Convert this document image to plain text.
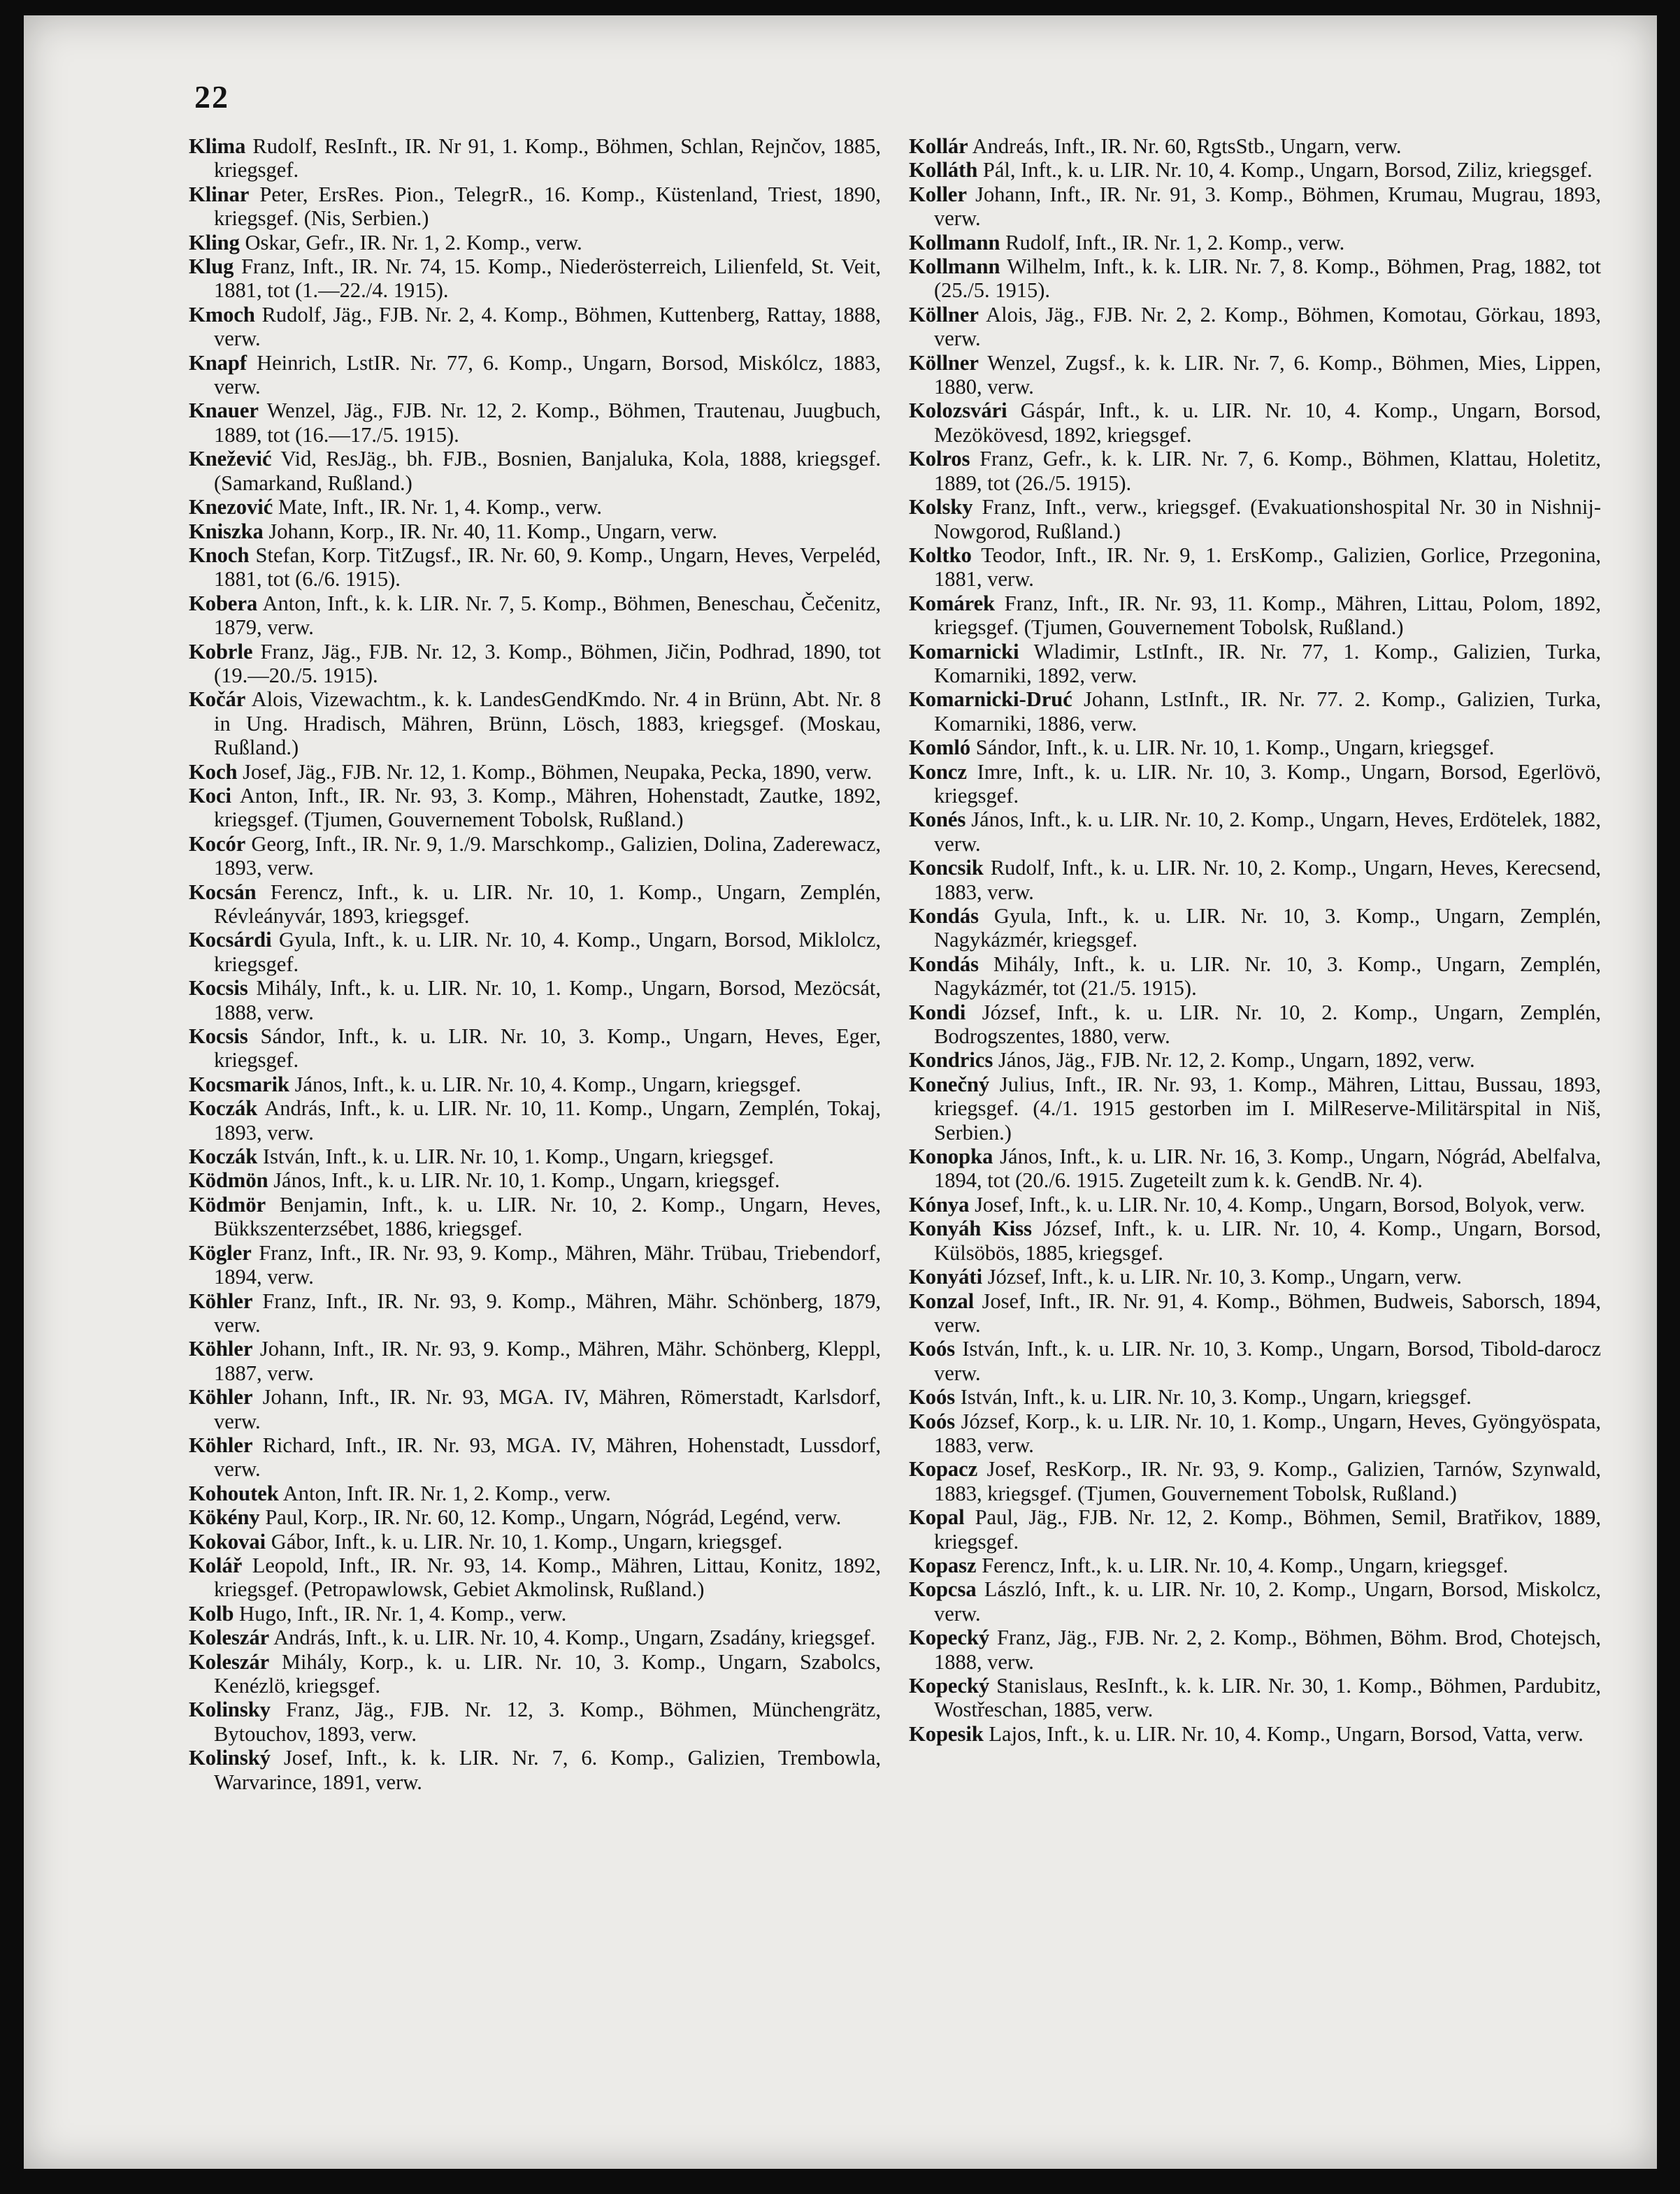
22

Klima Rudolf, ResInft., IR. Nr 91, 1. Komp., Böhmen, Schlan, Rejnčov, 1885, kriegsgef.

Klinar Peter, ErsRes. Pion., TelegrR., 16. Komp., Küstenland, Triest, 1890, kriegsgef. (Nis, Serbien.)

Kling Oskar, Gefr., IR. Nr. 1, 2. Komp., verw.

Klug Franz, Inft., IR. Nr. 74, 15. Komp., Niederösterreich, Lilienfeld, St. Veit, 1881, tot (1.—22./4. 1915).

Kmoch Rudolf, Jäg., FJB. Nr. 2, 4. Komp., Böhmen, Kuttenberg, Rattay, 1888, verw.

Knapf Heinrich, LstIR. Nr. 77, 6. Komp., Ungarn, Borsod, Miskólcz, 1883, verw.

Knauer Wenzel, Jäg., FJB. Nr. 12, 2. Komp., Böhmen, Trautenau, Juugbuch, 1889, tot (16.—17./5. 1915).

Knežević Vid, ResJäg., bh. FJB., Bosnien, Banjaluka, Kola, 1888, kriegsgef. (Samarkand, Rußland.)

Knezović Mate, Inft., IR. Nr. 1, 4. Komp., verw.

Kniszka Johann, Korp., IR. Nr. 40, 11. Komp., Ungarn, verw.

Knoch Stefan, Korp. TitZugsf., IR. Nr. 60, 9. Komp., Ungarn, Heves, Verpeléd, 1881, tot (6./6. 1915).

Kobera Anton, Inft., k. k. LIR. Nr. 7, 5. Komp., Böhmen, Beneschau, Čečenitz, 1879, verw.

Kobrle Franz, Jäg., FJB. Nr. 12, 3. Komp., Böhmen, Jičin, Podhrad, 1890, tot (19.—20./5. 1915).

Kočár Alois, Vizewachtm., k. k. LandesGendKmdo. Nr. 4 in Brünn, Abt. Nr. 8 in Ung. Hradisch, Mähren, Brünn, Lösch, 1883, kriegsgef. (Moskau, Rußland.)

Koch Josef, Jäg., FJB. Nr. 12, 1. Komp., Böhmen, Neupaka, Pecka, 1890, verw.

Koci Anton, Inft., IR. Nr. 93, 3. Komp., Mähren, Hohenstadt, Zautke, 1892, kriegsgef. (Tjumen, Gouvernement Tobolsk, Rußland.)

Kocór Georg, Inft., IR. Nr. 9, 1./9. Marschkomp., Galizien, Dolina, Zaderewacz, 1893, verw.

Kocsán Ferencz, Inft., k. u. LIR. Nr. 10, 1. Komp., Ungarn, Zemplén, Révleányvár, 1893, kriegsgef.

Kocsárdi Gyula, Inft., k. u. LIR. Nr. 10, 4. Komp., Ungarn, Borsod, Miklolcz, kriegsgef.

Kocsis Mihály, Inft., k. u. LIR. Nr. 10, 1. Komp., Ungarn, Borsod, Mezöcsát, 1888, verw.

Kocsis Sándor, Inft., k. u. LIR. Nr. 10, 3. Komp., Ungarn, Heves, Eger, kriegsgef.

Kocsmarik János, Inft., k. u. LIR. Nr. 10, 4. Komp., Ungarn, kriegsgef.

Koczák András, Inft., k. u. LIR. Nr. 10, 11. Komp., Ungarn, Zemplén, Tokaj, 1893, verw.

Koczák István, Inft., k. u. LIR. Nr. 10, 1. Komp., Ungarn, kriegsgef.

Ködmön János, Inft., k. u. LIR. Nr. 10, 1. Komp., Ungarn, kriegsgef.

Ködmör Benjamin, Inft., k. u. LIR. Nr. 10, 2. Komp., Ungarn, Heves, Bükkszenterzsébet, 1886, kriegsgef.

Kögler Franz, Inft., IR. Nr. 93, 9. Komp., Mähren, Mähr. Trübau, Triebendorf, 1894, verw.

Köhler Franz, Inft., IR. Nr. 93, 9. Komp., Mähren, Mähr. Schönberg, 1879, verw.

Köhler Johann, Inft., IR. Nr. 93, 9. Komp., Mähren, Mähr. Schönberg, Kleppl, 1887, verw.

Köhler Johann, Inft., IR. Nr. 93, MGA. IV, Mähren, Römerstadt, Karlsdorf, verw.

Köhler Richard, Inft., IR. Nr. 93, MGA. IV, Mähren, Hohenstadt, Lussdorf, verw.

Kohoutek Anton, Inft. IR. Nr. 1, 2. Komp., verw.

Kökény Paul, Korp., IR. Nr. 60, 12. Komp., Ungarn, Nógrád, Legénd, verw.

Kokovai Gábor, Inft., k. u. LIR. Nr. 10, 1. Komp., Ungarn, kriegsgef.

Kolář Leopold, Inft., IR. Nr. 93, 14. Komp., Mähren, Littau, Konitz, 1892, kriegsgef. (Petropawlowsk, Gebiet Akmolinsk, Rußland.)

Kolb Hugo, Inft., IR. Nr. 1, 4. Komp., verw.

Koleszár András, Inft., k. u. LIR. Nr. 10, 4. Komp., Ungarn, Zsadány, kriegsgef.

Koleszár Mihály, Korp., k. u. LIR. Nr. 10, 3. Komp., Ungarn, Szabolcs, Kenézlö, kriegsgef.

Kolinsky Franz, Jäg., FJB. Nr. 12, 3. Komp., Böhmen, Münchengrätz, Bytouchov, 1893, verw.

Kolinský Josef, Inft., k. k. LIR. Nr. 7, 6. Komp., Galizien, Trembowla, Warvarince, 1891, verw.

Kollár Andreás, Inft., IR. Nr. 60, RgtsStb., Ungarn, verw.

Kolláth Pál, Inft., k. u. LIR. Nr. 10, 4. Komp., Ungarn, Borsod, Ziliz, kriegsgef.

Koller Johann, Inft., IR. Nr. 91, 3. Komp., Böhmen, Krumau, Mugrau, 1893, verw.

Kollmann Rudolf, Inft., IR. Nr. 1, 2. Komp., verw.

Kollmann Wilhelm, Inft., k. k. LIR. Nr. 7, 8. Komp., Böhmen, Prag, 1882, tot (25./5. 1915).

Köllner Alois, Jäg., FJB. Nr. 2, 2. Komp., Böhmen, Komotau, Görkau, 1893, verw.

Köllner Wenzel, Zugsf., k. k. LIR. Nr. 7, 6. Komp., Böhmen, Mies, Lippen, 1880, verw.

Kolozsvári Gáspár, Inft., k. u. LIR. Nr. 10, 4. Komp., Ungarn, Borsod, Mezökövesd, 1892, kriegsgef.

Kolros Franz, Gefr., k. k. LIR. Nr. 7, 6. Komp., Böhmen, Klattau, Holetitz, 1889, tot (26./5. 1915).

Kolsky Franz, Inft., verw., kriegsgef. (Evakuationshospital Nr. 30 in Nishnij-Nowgorod, Rußland.)

Koltko Teodor, Inft., IR. Nr. 9, 1. ErsKomp., Galizien, Gorlice, Przegonina, 1881, verw.

Komárek Franz, Inft., IR. Nr. 93, 11. Komp., Mähren, Littau, Polom, 1892, kriegsgef. (Tjumen, Gouvernement Tobolsk, Rußland.)

Komarnicki Wladimir, LstInft., IR. Nr. 77, 1. Komp., Galizien, Turka, Komarniki, 1892, verw.

Komarnicki-Druć Johann, LstInft., IR. Nr. 77. 2. Komp., Galizien, Turka, Komarniki, 1886, verw.

Komló Sándor, Inft., k. u. LIR. Nr. 10, 1. Komp., Ungarn, kriegsgef.

Koncz Imre, Inft., k. u. LIR. Nr. 10, 3. Komp., Ungarn, Borsod, Egerlövö, kriegsgef.

Konés János, Inft., k. u. LIR. Nr. 10, 2. Komp., Ungarn, Heves, Erdötelek, 1882, verw.

Koncsik Rudolf, Inft., k. u. LIR. Nr. 10, 2. Komp., Ungarn, Heves, Kerecsend, 1883, verw.

Kondás Gyula, Inft., k. u. LIR. Nr. 10, 3. Komp., Ungarn, Zemplén, Nagykázmér, kriegsgef.

Kondás Mihály, Inft., k. u. LIR. Nr. 10, 3. Komp., Ungarn, Zemplén, Nagykázmér, tot (21./5. 1915).

Kondi József, Inft., k. u. LIR. Nr. 10, 2. Komp., Ungarn, Zemplén, Bodrogszentes, 1880, verw.

Kondrics János, Jäg., FJB. Nr. 12, 2. Komp., Ungarn, 1892, verw.

Konečný Julius, Inft., IR. Nr. 93, 1. Komp., Mähren, Littau, Bussau, 1893, kriegsgef. (4./1. 1915 gestorben im I. MilReserve-Militärspital in Niš, Serbien.)

Konopka János, Inft., k. u. LIR. Nr. 16, 3. Komp., Ungarn, Nógrád, Abelfalva, 1894, tot (20./6. 1915. Zugeteilt zum k. k. GendB. Nr. 4).

Kónya Josef, Inft., k. u. LIR. Nr. 10, 4. Komp., Ungarn, Borsod, Bolyok, verw.

Konyáh Kiss József, Inft., k. u. LIR. Nr. 10, 4. Komp., Ungarn, Borsod, Külsöbös, 1885, kriegsgef.

Konyáti József, Inft., k. u. LIR. Nr. 10, 3. Komp., Ungarn, verw.

Konzal Josef, Inft., IR. Nr. 91, 4. Komp., Böhmen, Budweis, Saborsch, 1894, verw.

Koós István, Inft., k. u. LIR. Nr. 10, 3. Komp., Ungarn, Borsod, Tibold-darocz verw.

Koós István, Inft., k. u. LIR. Nr. 10, 3. Komp., Ungarn, kriegsgef.

Koós József, Korp., k. u. LIR. Nr. 10, 1. Komp., Ungarn, Heves, Gyöngyöspata, 1883, verw.

Kopacz Josef, ResKorp., IR. Nr. 93, 9. Komp., Galizien, Tarnów, Szynwald, 1883, kriegsgef. (Tjumen, Gouvernement Tobolsk, Rußland.)

Kopal Paul, Jäg., FJB. Nr. 12, 2. Komp., Böhmen, Semil, Bratřikov, 1889, kriegsgef.

Kopasz Ferencz, Inft., k. u. LIR. Nr. 10, 4. Komp., Ungarn, kriegsgef.

Kopcsa László, Inft., k. u. LIR. Nr. 10, 2. Komp., Ungarn, Borsod, Miskolcz, verw.

Kopecký Franz, Jäg., FJB. Nr. 2, 2. Komp., Böhmen, Böhm. Brod, Chotejsch, 1888, verw.

Kopecký Stanislaus, ResInft., k. k. LIR. Nr. 30, 1. Komp., Böhmen, Pardubitz, Wostřeschan, 1885, verw.

Kopesik Lajos, Inft., k. u. LIR. Nr. 10, 4. Komp., Ungarn, Borsod, Vatta, verw.
